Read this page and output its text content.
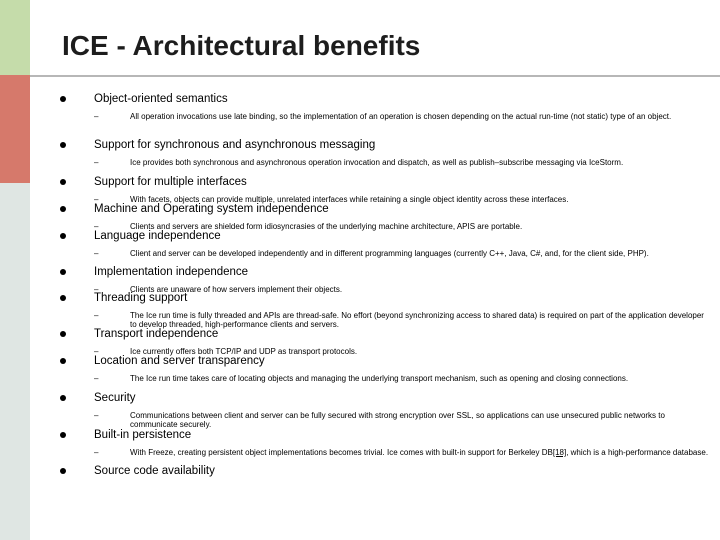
ICE - Architectural benefits
Object-oriented semantics
–	All operation invocations use late binding, so the implementation of an operation is chosen depending on the actual run-time (not static) type of an object.
Support for synchronous and asynchronous messaging
–	Ice provides both synchronous and asynchronous operation invocation and dispatch, as well as publish–subscribe messaging via IceStorm.
Support for multiple interfaces
–	With facets, objects can provide multiple, unrelated interfaces while retaining a single object identity across these interfaces.
Machine and Operating system independence
–	Clients and servers are shielded form idiosyncrasies of the underlying machine architecture, APIS are portable.
Language independence
–	Client and server can be developed independently and in different programming languages (currently C++, Java, C#, and, for the client side, PHP).
Implementation independence
–	Clients are unaware of how servers implement their objects.
Threading support
–	The Ice run time is fully threaded and APIs are thread-safe. No effort (beyond synchronizing access to shared data) is required on part of the application developer to develop threaded, high-performance clients and servers.
Transport independence
–	Ice currently offers both TCP/IP and UDP as transport protocols.
Location and server transparency
–	The Ice run time takes care of locating objects and managing the underlying transport mechanism, such as opening and closing connections.
Security
–	Communications between client and server can be fully secured with strong encryption over SSL, so applications can use unsecured public networks to communicate securely.
Built-in persistence
–	With Freeze, creating persistent object implementations becomes trivial. Ice comes with built-in support for Berkeley DB[18], which is a high-performance database.
Source code availability
